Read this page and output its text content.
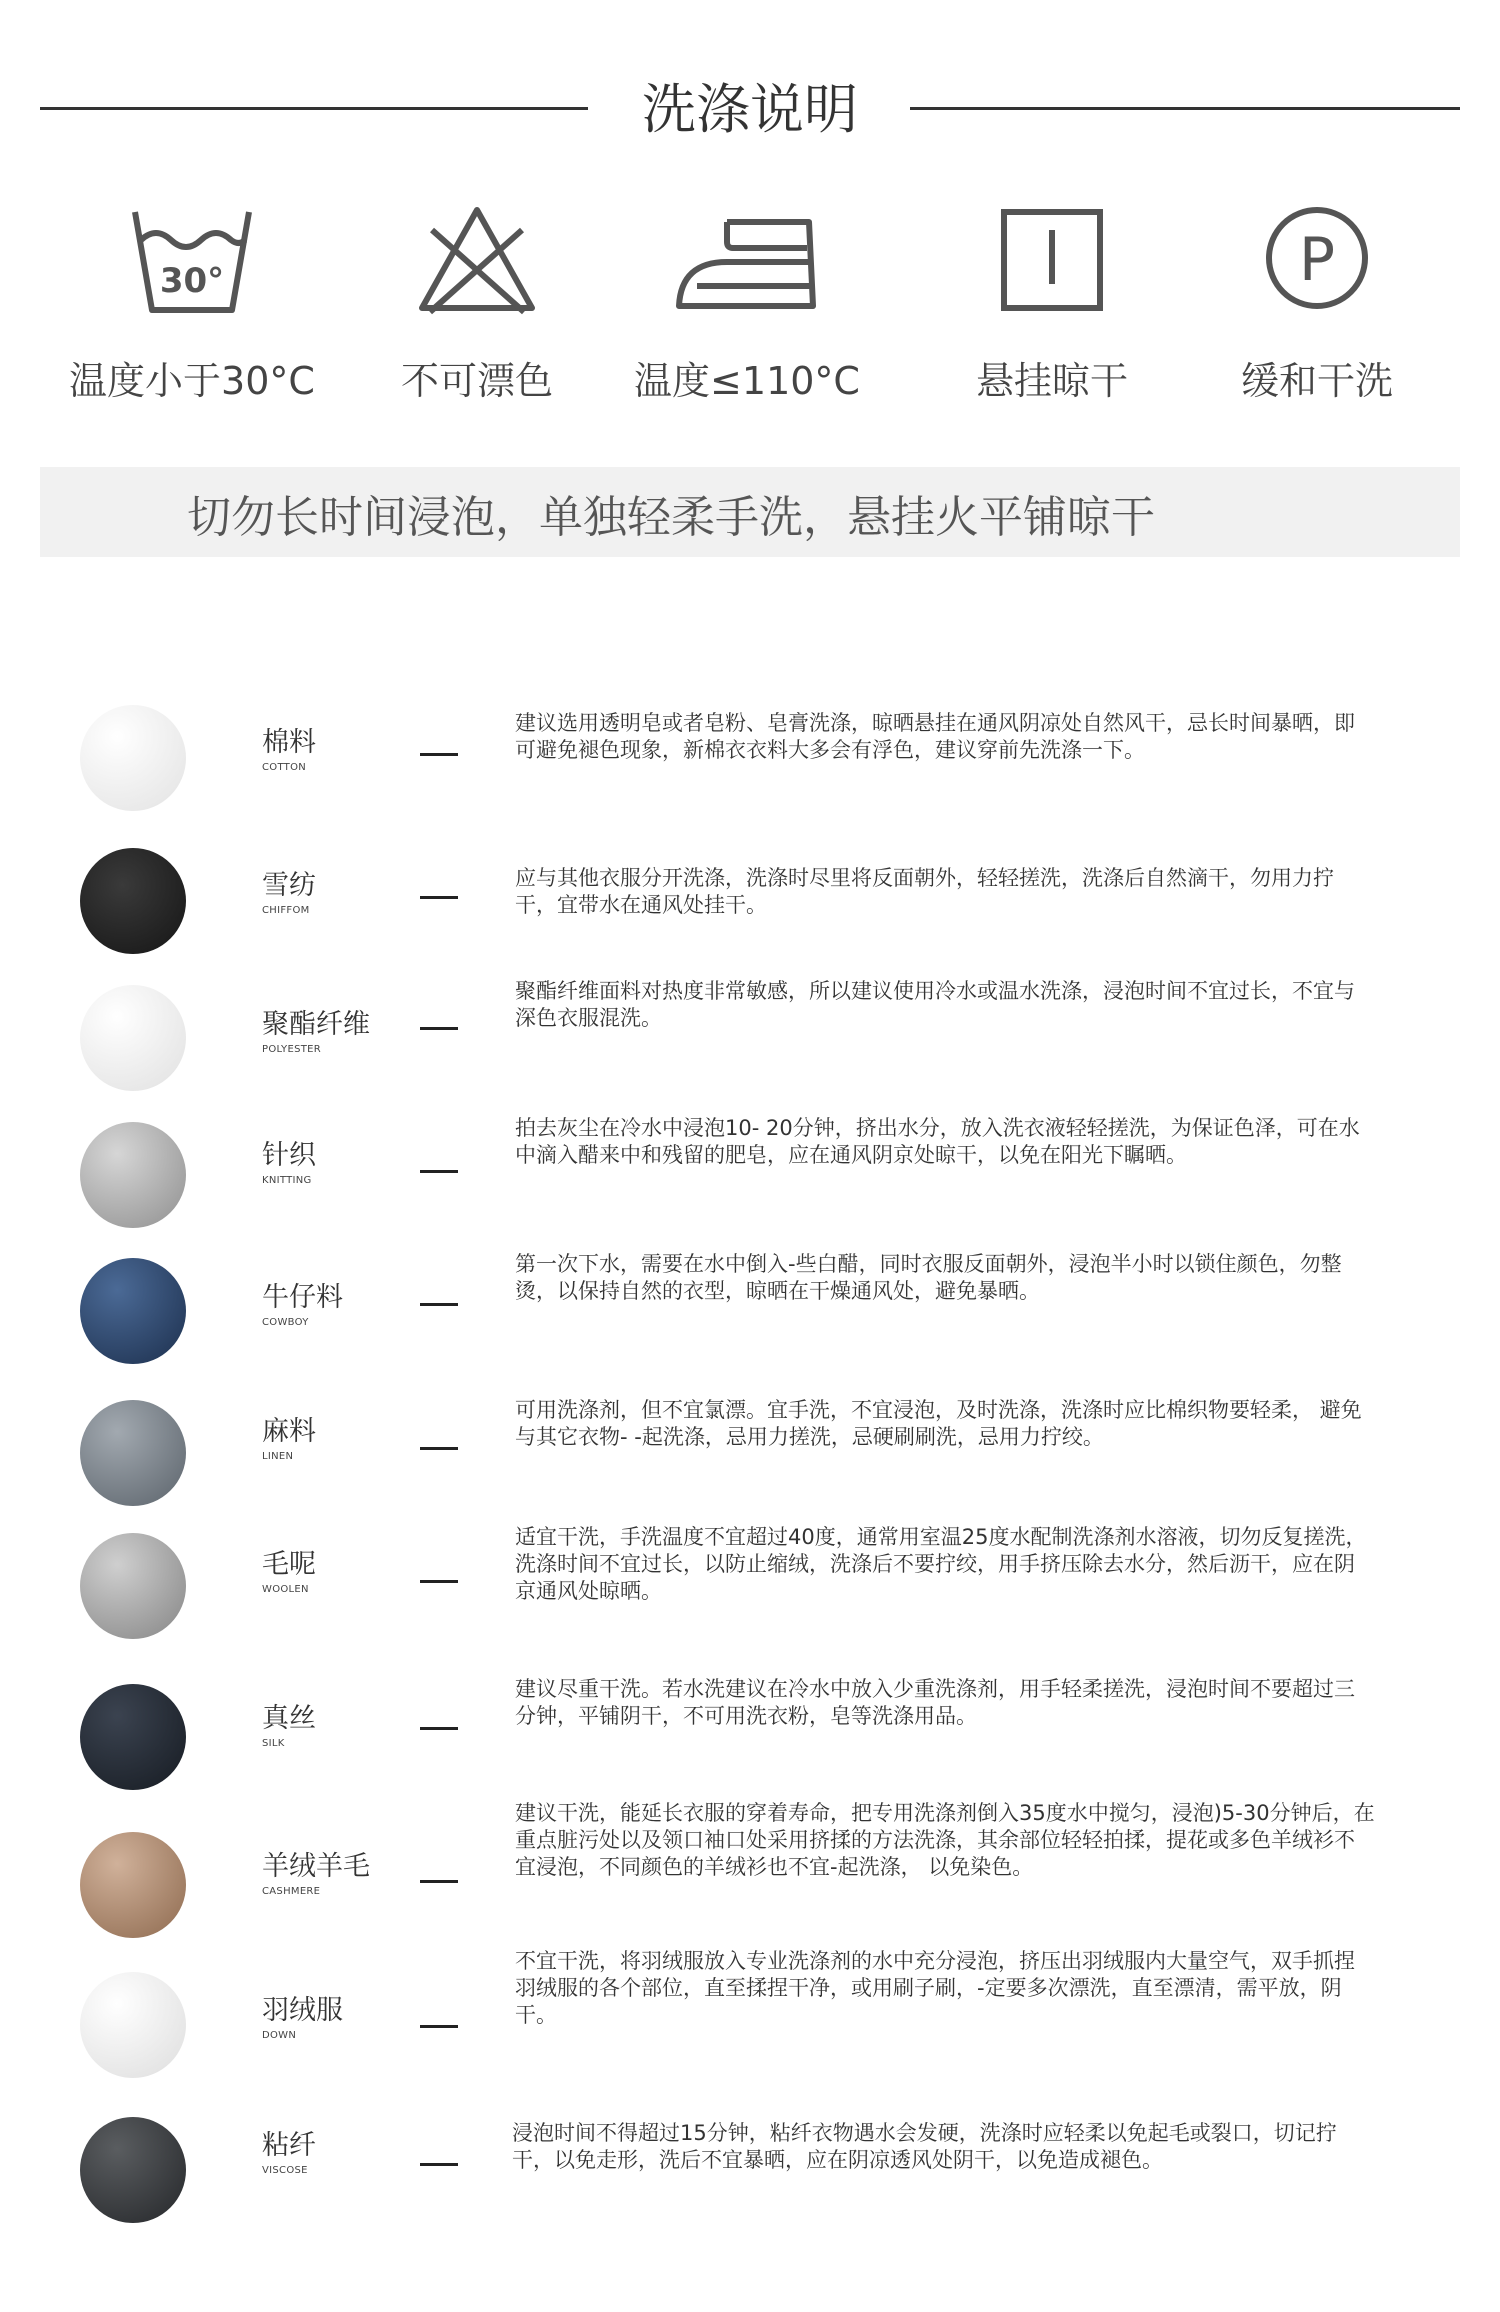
洗涤说明
30°
温度小于30°C	不可漂色	温度≤110°C	悬挂晾干
P
缓和干洗
切勿长时间浸泡，单独轻柔手洗，悬挂火平铺晾干
棉料
COTTON
建议选用透明皂或者皂粉、皂膏洗涤，晾晒悬挂在通风阴凉处自然风干，忌长时间暴晒，即可避免褪色现象，新棉衣衣料大多会有浮色，建议穿前先洗涤一下。
雪纺
CHIFFOM
应与其他衣服分开洗涤，洗涤时尽里将反面朝外，轻轻搓洗，洗涤后自然滴干，勿用力拧干，宜带水在通风处挂干。
聚酯纤维
POLYESTER
聚酯纤维面料对热度非常敏感，所以建议使用冷水或温水洗涤，浸泡时间不宜过长，不宜与深色衣服混洗。
针织
KNITTING
拍去灰尘在冷水中浸泡10- 20分钟，挤出水分，放入洗衣液轻轻搓洗，为保证色泽，可在水中滴入醋来中和残留的肥皂，应在通风阴京处晾干，以免在阳光下瞩晒。
牛仔料
COWBOY
第一次下水，需要在水中倒入-些白醋，同时衣服反面朝外，浸泡半小时以锁住颜色，勿整烫，以保持自然的衣型，晾晒在干燥通风处，避免暴晒。
麻料
LINEN
可用洗涤剂，但不宜氯漂。宜手洗，不宜浸泡，及时洗涤，洗涤时应比棉织物要轻柔， 避免与其它衣物- -起洗涤，忌用力搓洗，忌硬刷刷洗，忌用力拧绞。
毛呢
WOOLEN
适宜干洗，手洗温度不宜超过40度，通常用室温25度水配制洗涤剂水溶液，切勿反复搓洗，洗涤时间不宜过长，以防止缩绒，洗涤后不要拧绞，用手挤压除去水分，然后沥干，应在阴京通风处晾晒。
真丝
SILK
建议尽重干洗。若水洗建议在冷水中放入少重洗涤剂，用手轻柔搓洗，浸泡时间不要超过三分钟，平铺阴干，不可用洗衣粉，皂等洗涤用品。
羊绒羊毛
CASHMERE
建议干洗，能延长衣服的穿着寿命，把专用洗涤剂倒入35度水中搅匀，浸泡)5-30分钟后，在重点脏污处以及领口袖口处采用挤揉的方法洗涤，其余部位轻轻拍揉，提花或多色羊绒衫不宜浸泡，不同颜色的羊绒衫也不宜-起洗涤， 以免染色。
羽绒服
DOWN
不宜干洗，将羽绒服放入专业洗涤剂的水中充分浸泡，挤压出羽绒服内大量空气，双手抓捏羽绒服的各个部位，直至揉捏干净，或用刷子刷，-定要多次漂洗，直至漂清，需平放，阴干。
粘纤
VISCOSE
浸泡时间不得超过15分钟，粘纤衣物遇水会发硬，洗涤时应轻柔以免起毛或裂口，切记拧干，以免走形，洗后不宜暴晒，应在阴凉透风处阴干，以免造成褪色。
